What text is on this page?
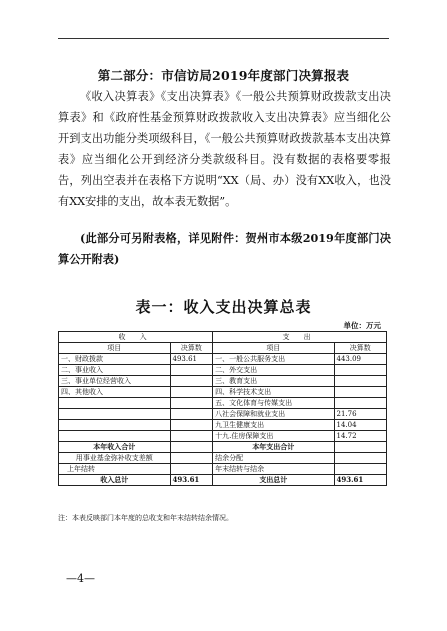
第二部分：市信访局2019年度部门决算报表
《收入决算表》《支出决算表》《一般公共预算财政拨款支出决算表》和《政府性基金预算财政拨款收入支出决算表》应当细化公开到支出功能分类项级科目，《一般公共预算财政拨款基本支出决算表》应当细化公开到经济分类款级科目。没有数据的表格要零报告，列出空表并在表格下方说明“XX（局、办）没有XX收入，也没有XX安排的支出，故本表无数据”。
(此部分可另附表格，详见附件：贺州市本级2019年度部门决算公开附表)
表一：收入支出决算总表
单位：万元
收 入		支 出	
项目	决算数	项目	决算数
一、财政拨款	493.61	一、一般公共服务支出	443.09
二、事业收入		二、外交支出	
三、事业单位经营收入		三、教育支出	
四、其他收入		四、科学技术支出	
		五、文化体育与传媒支出	
		八社会保障和就业支出	21.76
		九卫生健康支出	14.04
		十九.住房保障支出	14.72
本年收入合计		本年支出合计	
用事业基金弥补收支差额		结余分配	
上年结转		年末结转与结余	
收入总计	493.61	支出总计	493.61
注：本表反映部门本年度的总收支和年末结转结余情况。
—4—
